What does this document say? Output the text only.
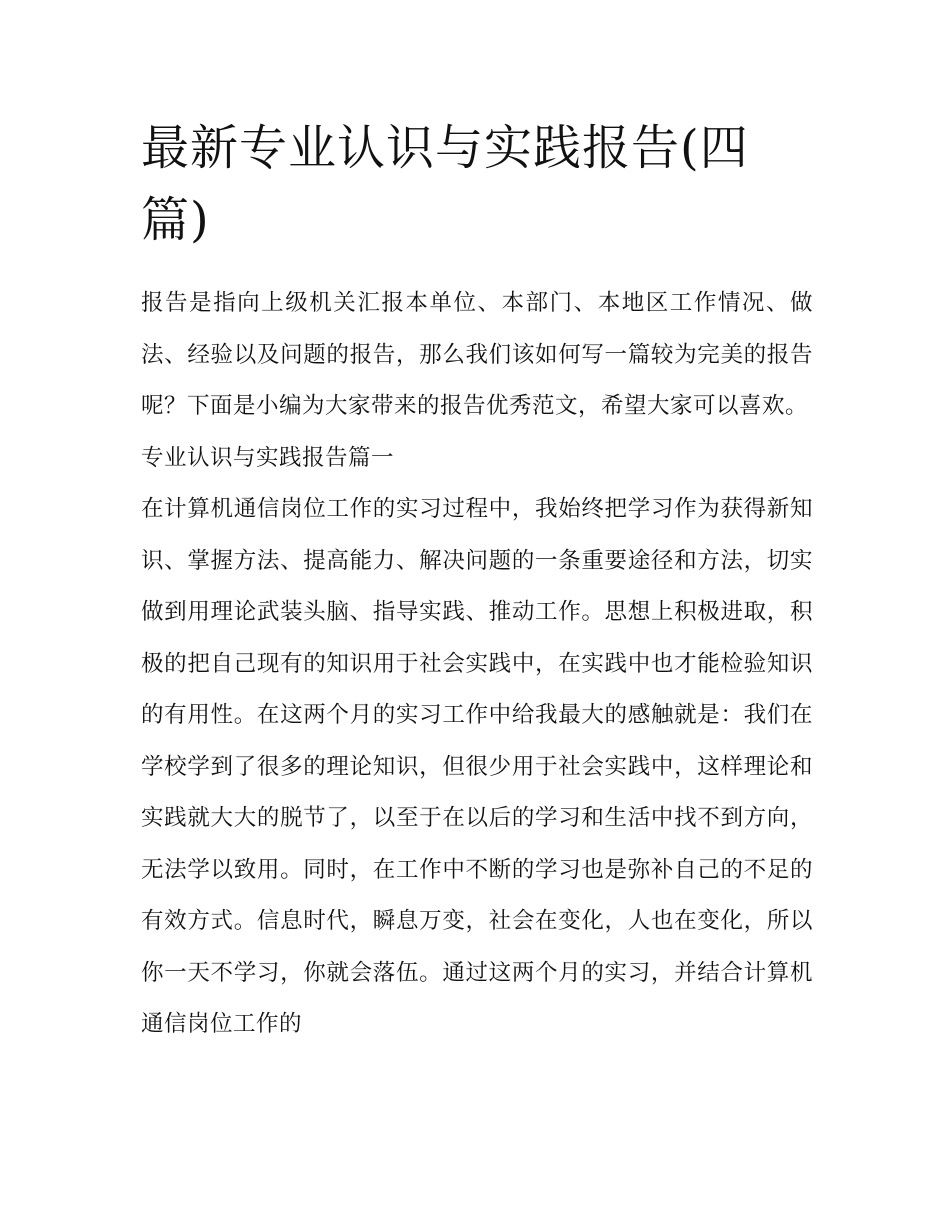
最新专业认识与实践报告(四篇)

报告是指向上级机关汇报本单位、本部门、本地区工作情况、做法、经验以及问题的报告，那么我们该如何写一篇较为完美的报告呢？下面是小编为大家带来的报告优秀范文，希望大家可以喜欢。

专业认识与实践报告篇一

在计算机通信岗位工作的实习过程中，我始终把学习作为获得新知识、掌握方法、提高能力、解决问题的一条重要途径和方法，切实做到用理论武装头脑、指导实践、推动工作。思想上积极进取，积极的把自己现有的知识用于社会实践中，在实践中也才能检验知识的有用性。在这两个月的实习工作中给我最大的感触就是：我们在学校学到了很多的理论知识，但很少用于社会实践中，这样理论和实践就大大的脱节了，以至于在以后的学习和生活中找不到方向，无法学以致用。同时，在工作中不断的学习也是弥补自己的不足的有效方式。信息时代，瞬息万变，社会在变化，人也在变化，所以你一天不学习，你就会落伍。通过这两个月的实习，并结合计算机通信岗位工作的
